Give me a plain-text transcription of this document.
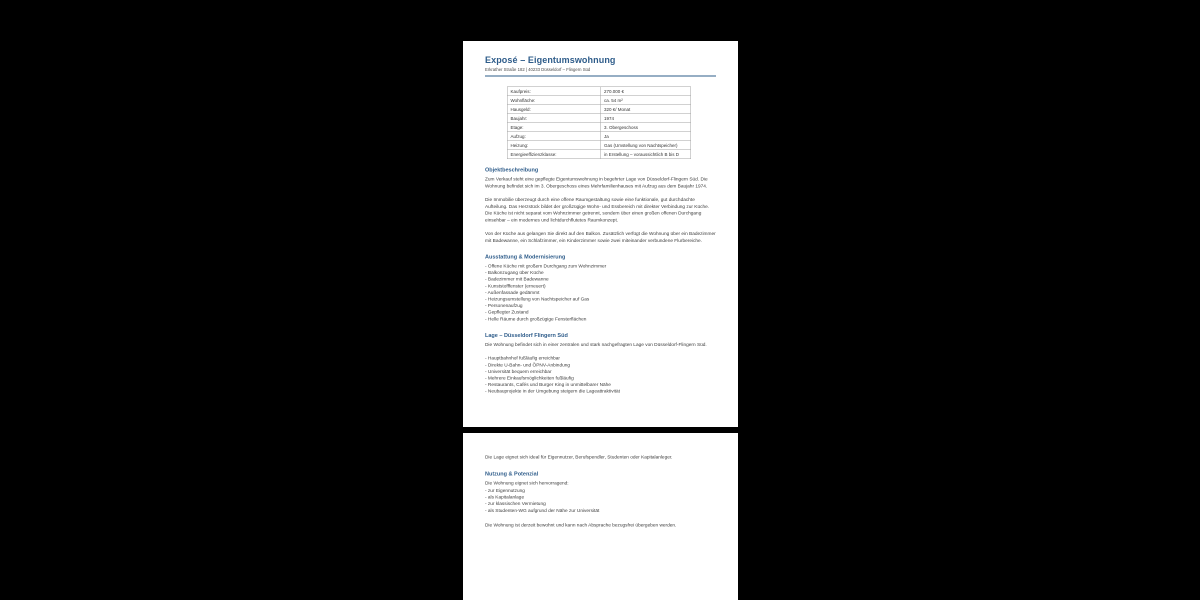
Exposé – Eigentumswohnung
Erkrather Straße 182 | 40233 Düsseldorf – Flingern Süd
Kaufpreis:	270.000 €
Wohnfläche:	ca. 54 m²
Hausgeld:	320 €/ Monat
Baujahr:	1974
Etage:	3. Obergeschoss
Aufzug:	Ja
Heizung:	Gas (Umstellung von Nachtspeicher)
Energieeffizienzklasse:	in Erstellung – voraussichtlich B bis D
Objektbeschreibung

Zum Verkauf steht eine gepflegte Eigentumswohnung in begehrter Lage von Düsseldorf-Flingern Süd. Die Wohnung befindet sich im 3. Obergeschoss eines Mehrfamilienhauses mit Aufzug aus dem Baujahr 1974.

Die Immobilie überzeugt durch eine offene Raumgestaltung sowie eine funktionale, gut durchdachte Aufteilung. Das Herzstück bildet der großzügige Wohn- und Essbereich mit direkter Verbindung zur Küche. Die Küche ist nicht separat vom Wohnzimmer getrennt, sondern über einen großen offenen Durchgang einsehbar – ein modernes und lichtdurchflutetes Raumkonzept.

Von der Küche aus gelangen Sie direkt auf den Balkon. Zusätzlich verfügt die Wohnung über ein Badezimmer mit Badewanne, ein Schlafzimmer, ein Kinderzimmer sowie zwei miteinander verbundene Flurbereiche.

Ausstattung & Modernisierung
- Offene Küche mit großem Durchgang zum Wohnzimmer
- Balkonzugang über Küche
- Badezimmer mit Badewanne
- Kunststofffenster (erneuert)
- Außenfassade gedämmt
- Heizungsumstellung von Nachtspeicher auf Gas
- Personenaufzug
- Gepflegter Zustand
- Helle Räume durch großzügige Fensterflächen
Lage – Düsseldorf Flingern Süd

Die Wohnung befindet sich in einer zentralen und stark nachgefragten Lage von Düsseldorf-Flingern Süd.

- Hauptbahnhof fußläufig erreichbar
- Direkte U-Bahn- und ÖPNV-Anbindung
- Universität bequem erreichbar
- Mehrere Einkaufsmöglichkeiten fußläufig
- Restaurants, Cafés und Burger King in unmittelbarer Nähe
- Neubauprojekte in der Umgebung steigern die Lageattraktivität

Die Lage eignet sich ideal für Eigennutzer, Berufspendler, Studenten oder Kapitalanleger.

Nutzung & Potenzial

Die Wohnung eignet sich hervorragend:

- zur Eigennutzung
- als Kapitalanlage
- zur klassischen Vermietung
- als Studenten-WG aufgrund der Nähe zur Universität

Die Wohnung ist derzeit bewohnt und kann nach Absprache bezugsfrei übergeben werden.
